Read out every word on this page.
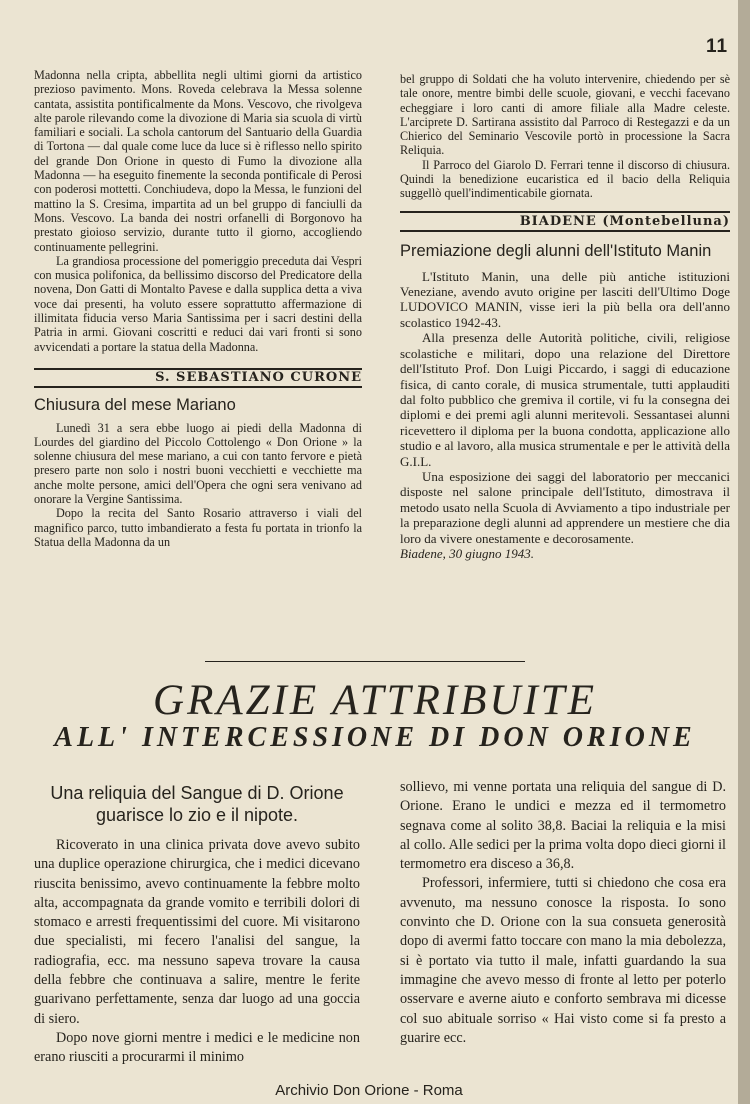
11

Madonna nella cripta, abbellita negli ultimi giorni da artistico prezioso pavimento. Mons. Roveda celebrava la Messa solenne cantata, assistita pontificalmente da Mons. Vescovo, che rivolgeva alte parole rilevando come la divozione di Maria sia scuola di virtù familiari e sociali. La schola cantorum del Santuario della Guardia di Tortona — dal quale come luce da luce si è riflesso nello spirito del grande Don Orione in questo di Fumo la divozione alla Madonna — ha eseguito finemente la seconda pontificale di Perosi con poderosi mottetti. Conchiudeva, dopo la Messa, le funzioni del mattino la S. Cresima, impartita ad un bel gruppo di fanciulli da Mons. Vescovo. La banda dei nostri orfanelli di Borgonovo ha prestato gioioso servizio, durante tutto il giorno, accogliendo continuamente pellegrini.

La grandiosa processione del pomeriggio preceduta dai Vespri con musica polifonica, da bellissimo discorso del Predicatore della novena, Don Gatti di Montalto Pavese e dalla supplica detta a viva voce dai presenti, ha voluto essere soprattutto affermazione di illimitata fiducia verso Maria Santissima per i sacri destini della Patria in armi. Giovani coscritti e reduci dai vari fronti si sono avvicendati a portare la statua della Madonna.

S. SEBASTIANO CURONE
Chiusura del mese Mariano

Lunedì 31 a sera ebbe luogo ai piedi della Madonna di Lourdes del giardino del Piccolo Cottolengo « Don Orione » la solenne chiusura del mese mariano, a cui con tanto fervore e pietà presero parte non solo i nostri buoni vecchietti e vecchiette ma anche molte persone, amici dell'Opera che ogni sera venivano ad onorare la Vergine Santissima.

Dopo la recita del Santo Rosario attraverso i viali del magnifico parco, tutto imbandierato a festa fu portata in trionfo la Statua della Madonna da un

bel gruppo di Soldati che ha voluto intervenire, chiedendo per sè tale onore, mentre bimbi delle scuole, giovani, e vecchi facevano echeggiare i loro canti di amore filiale alla Madre celeste. L'arciprete D. Sartirana assistito dal Parroco di Restegazzi e da un Chierico del Seminario Vescovile portò in processione la Sacra Reliquia.

Il Parroco del Giarolo D. Ferrari tenne il discorso di chiusura. Quindi la benedizione eucaristica ed il bacio della Reliquia suggellò quell'indimenticabile giornata.

BIADENE (Montebelluna)
Premiazione degli alunni dell'Istituto Manin

L'Istituto Manin, una delle più antiche istituzioni Veneziane, avendo avuto origine per lasciti dell'Ultimo Doge LUDOVICO MANIN, visse ieri la più bella ora dell'anno scolastico 1942-43.

Alla presenza delle Autorità politiche, civili, religiose scolastiche e militari, dopo una relazione del Direttore dell'Istituto Prof. Don Luigi Piccardo, i saggi di educazione fisica, di canto corale, di musica strumentale, tutti applauditi dal folto pubblico che gremiva il cortile, vi fu la consegna dei diplomi e dei premi agli alunni meritevoli. Sessantasei alunni ricevettero il diploma per la buona condotta, applicazione allo studio e al lavoro, alla musica strumentale e per le attività della G.I.L.

Una esposizione dei saggi del laboratorio per meccanici disposte nel salone principale dell'Istituto, dimostrava il metodo usato nella Scuola di Avviamento a tipo industriale per la preparazione degli alunni ad apprendere un mestiere che dia loro da vivere onestamente e decorosamente.

Biadene, 30 giugno 1943.

GRAZIE ATTRIBUITE
ALL' INTERCESSIONE DI DON ORIONE
Una reliquia del Sangue di D. Orione guarisce lo zio e il nipote.

Ricoverato in una clinica privata dove avevo subito una duplice operazione chirurgica, che i medici dicevano riuscita benissimo, avevo continuamente la febbre molto alta, accompagnata da grande vomito e terribili dolori di stomaco e arresti frequentissimi del cuore. Mi visitarono due specialisti, mi fecero l'analisi del sangue, la radiografia, ecc. ma nessuno sapeva trovare la causa della febbre che continuava a salire, mentre le ferite guarivano perfettamente, senza dar luogo ad una goccia di siero.

Dopo nove giorni mentre i medici e le medicine non erano riusciti a procurarmi il minimo

sollievo, mi venne portata una reliquia del sangue di D. Orione. Erano le undici e mezza ed il termometro segnava come al solito 38,8. Baciai la reliquia e la misi al collo. Alle sedici per la prima volta dopo dieci giorni il termometro era disceso a 36,8.

Professori, infermiere, tutti si chiedono che cosa era avvenuto, ma nessuno conosce la risposta. Io sono convinto che D. Orione con la sua consueta generosità dopo di avermi fatto toccare con mano la mia debolezza, si è portato via tutto il male, infatti guardando la sua immagine che avevo messo di fronte al letto per poterlo osservare e averne aiuto e conforto sembrava mi dicesse col suo abituale sorriso « Hai visto come si fa presto a guarire ecc.

Archivio Don Orione - Roma
